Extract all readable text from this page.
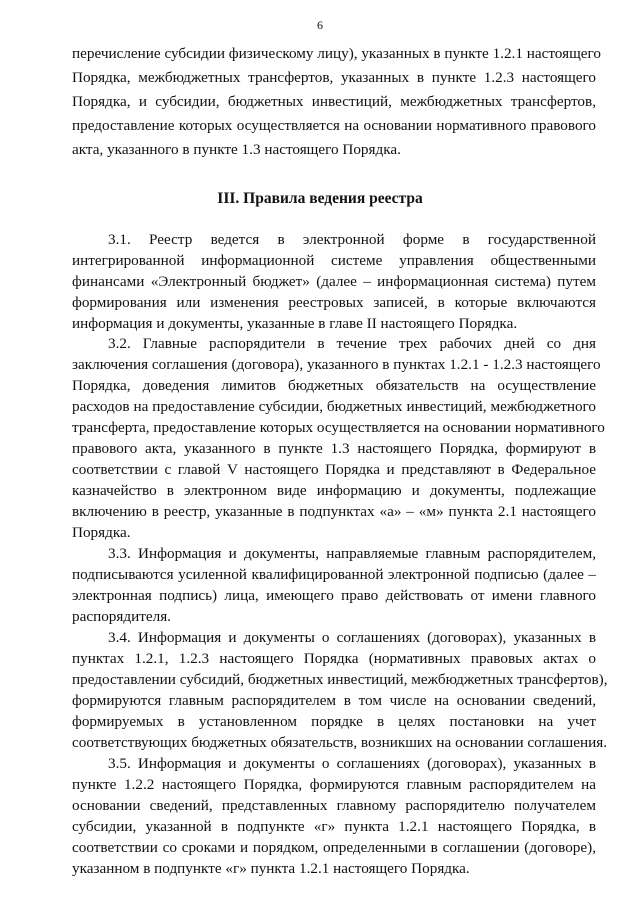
6
перечисление субсидии физическому лицу), указанных в пункте 1.2.1 настоящего
Порядка, межбюджетных трансфертов, указанных в пункте 1.2.3 настоящего
Порядка, и субсидии, бюджетных инвестиций, межбюджетных трансфертов,
предоставление которых осуществляется на основании нормативного правового
акта, указанного в пункте 1.3 настоящего Порядка.
III. Правила ведения реестра
3.1. Реестр ведется в электронной форме в государственной
интегрированной информационной системе управления общественными
финансами «Электронный бюджет» (далее – информационная система) путем
формирования или изменения реестровых записей, в которые включаются
информация и документы, указанные в главе II настоящего Порядка.
3.2. Главные распорядители в течение трех рабочих дней со дня
заключения соглашения (договора), указанного в пунктах 1.2.1 - 1.2.3 настоящего
Порядка, доведения лимитов бюджетных обязательств на осуществление
расходов на предоставление субсидии, бюджетных инвестиций, межбюджетного
трансферта, предоставление которых осуществляется на основании нормативного
правового акта, указанного в пункте 1.3 настоящего Порядка, формируют в
соответствии с главой V настоящего Порядка и представляют в Федеральное
казначейство в электронном виде информацию и документы, подлежащие
включению в реестр, указанные в подпунктах «а» – «м» пункта 2.1 настоящего
Порядка.
3.3. Информация и документы, направляемые главным распорядителем,
подписываются усиленной квалифицированной электронной подписью (далее –
электронная подпись) лица, имеющего право действовать от имени главного
распорядителя.
3.4. Информация и документы о соглашениях (договорах), указанных в
пунктах 1.2.1, 1.2.3 настоящего Порядка (нормативных правовых актах о
предоставлении субсидий, бюджетных инвестиций, межбюджетных трансфертов),
формируются главным распорядителем в том числе на основании сведений,
формируемых в установленном порядке в целях постановки на учет
соответствующих бюджетных обязательств, возникших на основании соглашения.
3.5. Информация и документы о соглашениях (договорах), указанных в
пункте 1.2.2 настоящего Порядка, формируются главным распорядителем на
основании сведений, представленных главному распорядителю получателем
субсидии, указанной в подпункте «г» пункта 1.2.1 настоящего Порядка, в
соответствии со сроками и порядком, определенными в соглашении (договоре),
указанном в подпункте «г» пункта 1.2.1 настоящего Порядка.
